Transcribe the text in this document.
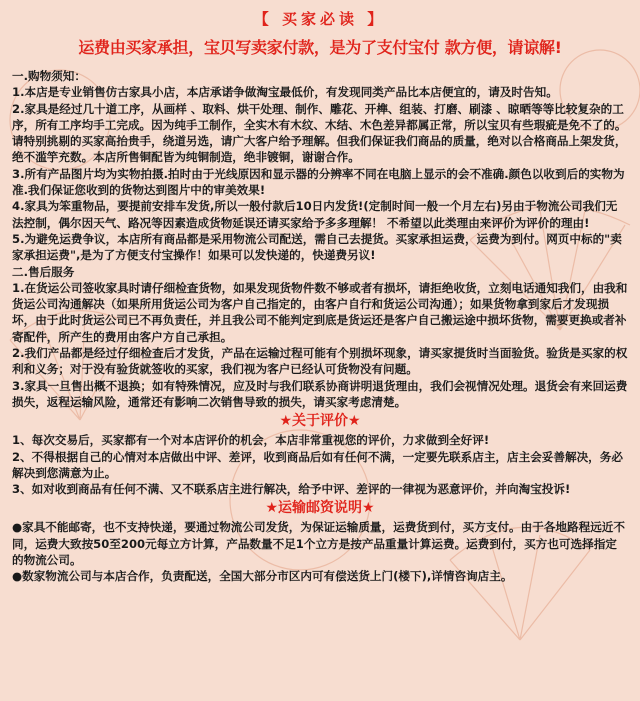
【 买家必读 】
运费由买家承担，宝贝写卖家付款，是为了支付宝付 款方便，请谅解!

一.购物须知：

1.本店是专业销售仿古家具小店，本店承诺争做淘宝最低价，有发现同类产品比本店便宜的，请及时告知。

2.家具是经过几十道工序，从画样 、取料、烘干处理、制作、雕花、开榫、组装、打磨、刷漆 、晾晒等等比较复杂的工序，所有工序均手工完成。因为纯手工制作，全实木有木纹、木结、木色差异都属正常，所以宝贝有些瑕疵是免不了的。请特别挑剔的买家高抬贵手，绕道另选，请广大客户给予理解。但我们保证我们商品的质量，绝对以合格商品上架发货，绝不滥竽充数。本店所售铜配皆为纯铜制造，绝非镀铜，谢谢合作。

3.所有产品图片均为实物拍摄.拍时由于光线原因和显示器的分辨率不同在电脑上显示的会不准确.颜色以收到后的实物为准.我们保证您收到的货物达到图片中的审美效果!

4.家具为笨重物品，要提前安排车发货,所以一般付款后10日内发货!(定制时间一般一个月左右)另由于物流公司我们无法控制，偶尔因天气、路况等因素造成货物延误还请买家给予多多理解！ 不希望以此类理由来评价为评价的理由!

5.为避免运费争议，本店所有商品都是采用物流公司配送，需自己去提货。买家承担运费，运费为到付。网页中标的"卖家承担运费",是为了方便支付宝操作！如果可以发快递的，快递费另议!

二.售后服务

1.在货运公司签收家具时请仔细检查货物，如果发现货物件数不够或者有损坏，请拒绝收货，立刻电话通知我们，由我和货运公司沟通解决（如果所用货运公司为客户自己指定的，由客户自行和货运公司沟通）；如果货物拿到家后才发现损坏，由于此时货运公司已不再负责任，并且我公司不能判定到底是货运还是客户自己搬运途中损坏货物，需要更换或者补寄配件，所产生的费用由客户方自己承担。

2.我们产品都是经过仔细检查后才发货，产品在运输过程可能有个别损坏现象，请买家提货时当面验货。验货是买家的权利和义务；对于没有验货就签收的买家，我们视为客户已经认可货物没有问题。

3.家具一旦售出概不退换；如有特殊情况，应及时与我们联系协商讲明退货理由，我们会视情况处理。退货会有来回运费损失，返程运输风险，通常还有影响二次销售导致的损失，请买家考虑清楚。

★关于评价★

1、每次交易后，买家都有一个对本店评价的机会，本店非常重视您的评价，力求做到全好评!

2、不得根据自己的心情对本店做出中评、差评，收到商品后如有任何不满，一定要先联系店主，店主会妥善解决，务必解决到您满意为止。

3、如对收到商品有任何不满、又不联系店主进行解决，给予中评、差评的一律视为恶意评价，并向淘宝投诉!

★运输邮资说明★

●家具不能邮寄，也不支持快递，要通过物流公司发货，为保证运输质量，运费货到付，买方支付。由于各地路程远近不同，运费大致按50至200元每立方计算，产品数量不足1个立方是按产品重量计算运费。运费到付，买方也可选择指定的物流公司。

●数家物流公司与本店合作，负责配送，全国大部分市区内可有偿送货上门(楼下),详情咨询店主。
